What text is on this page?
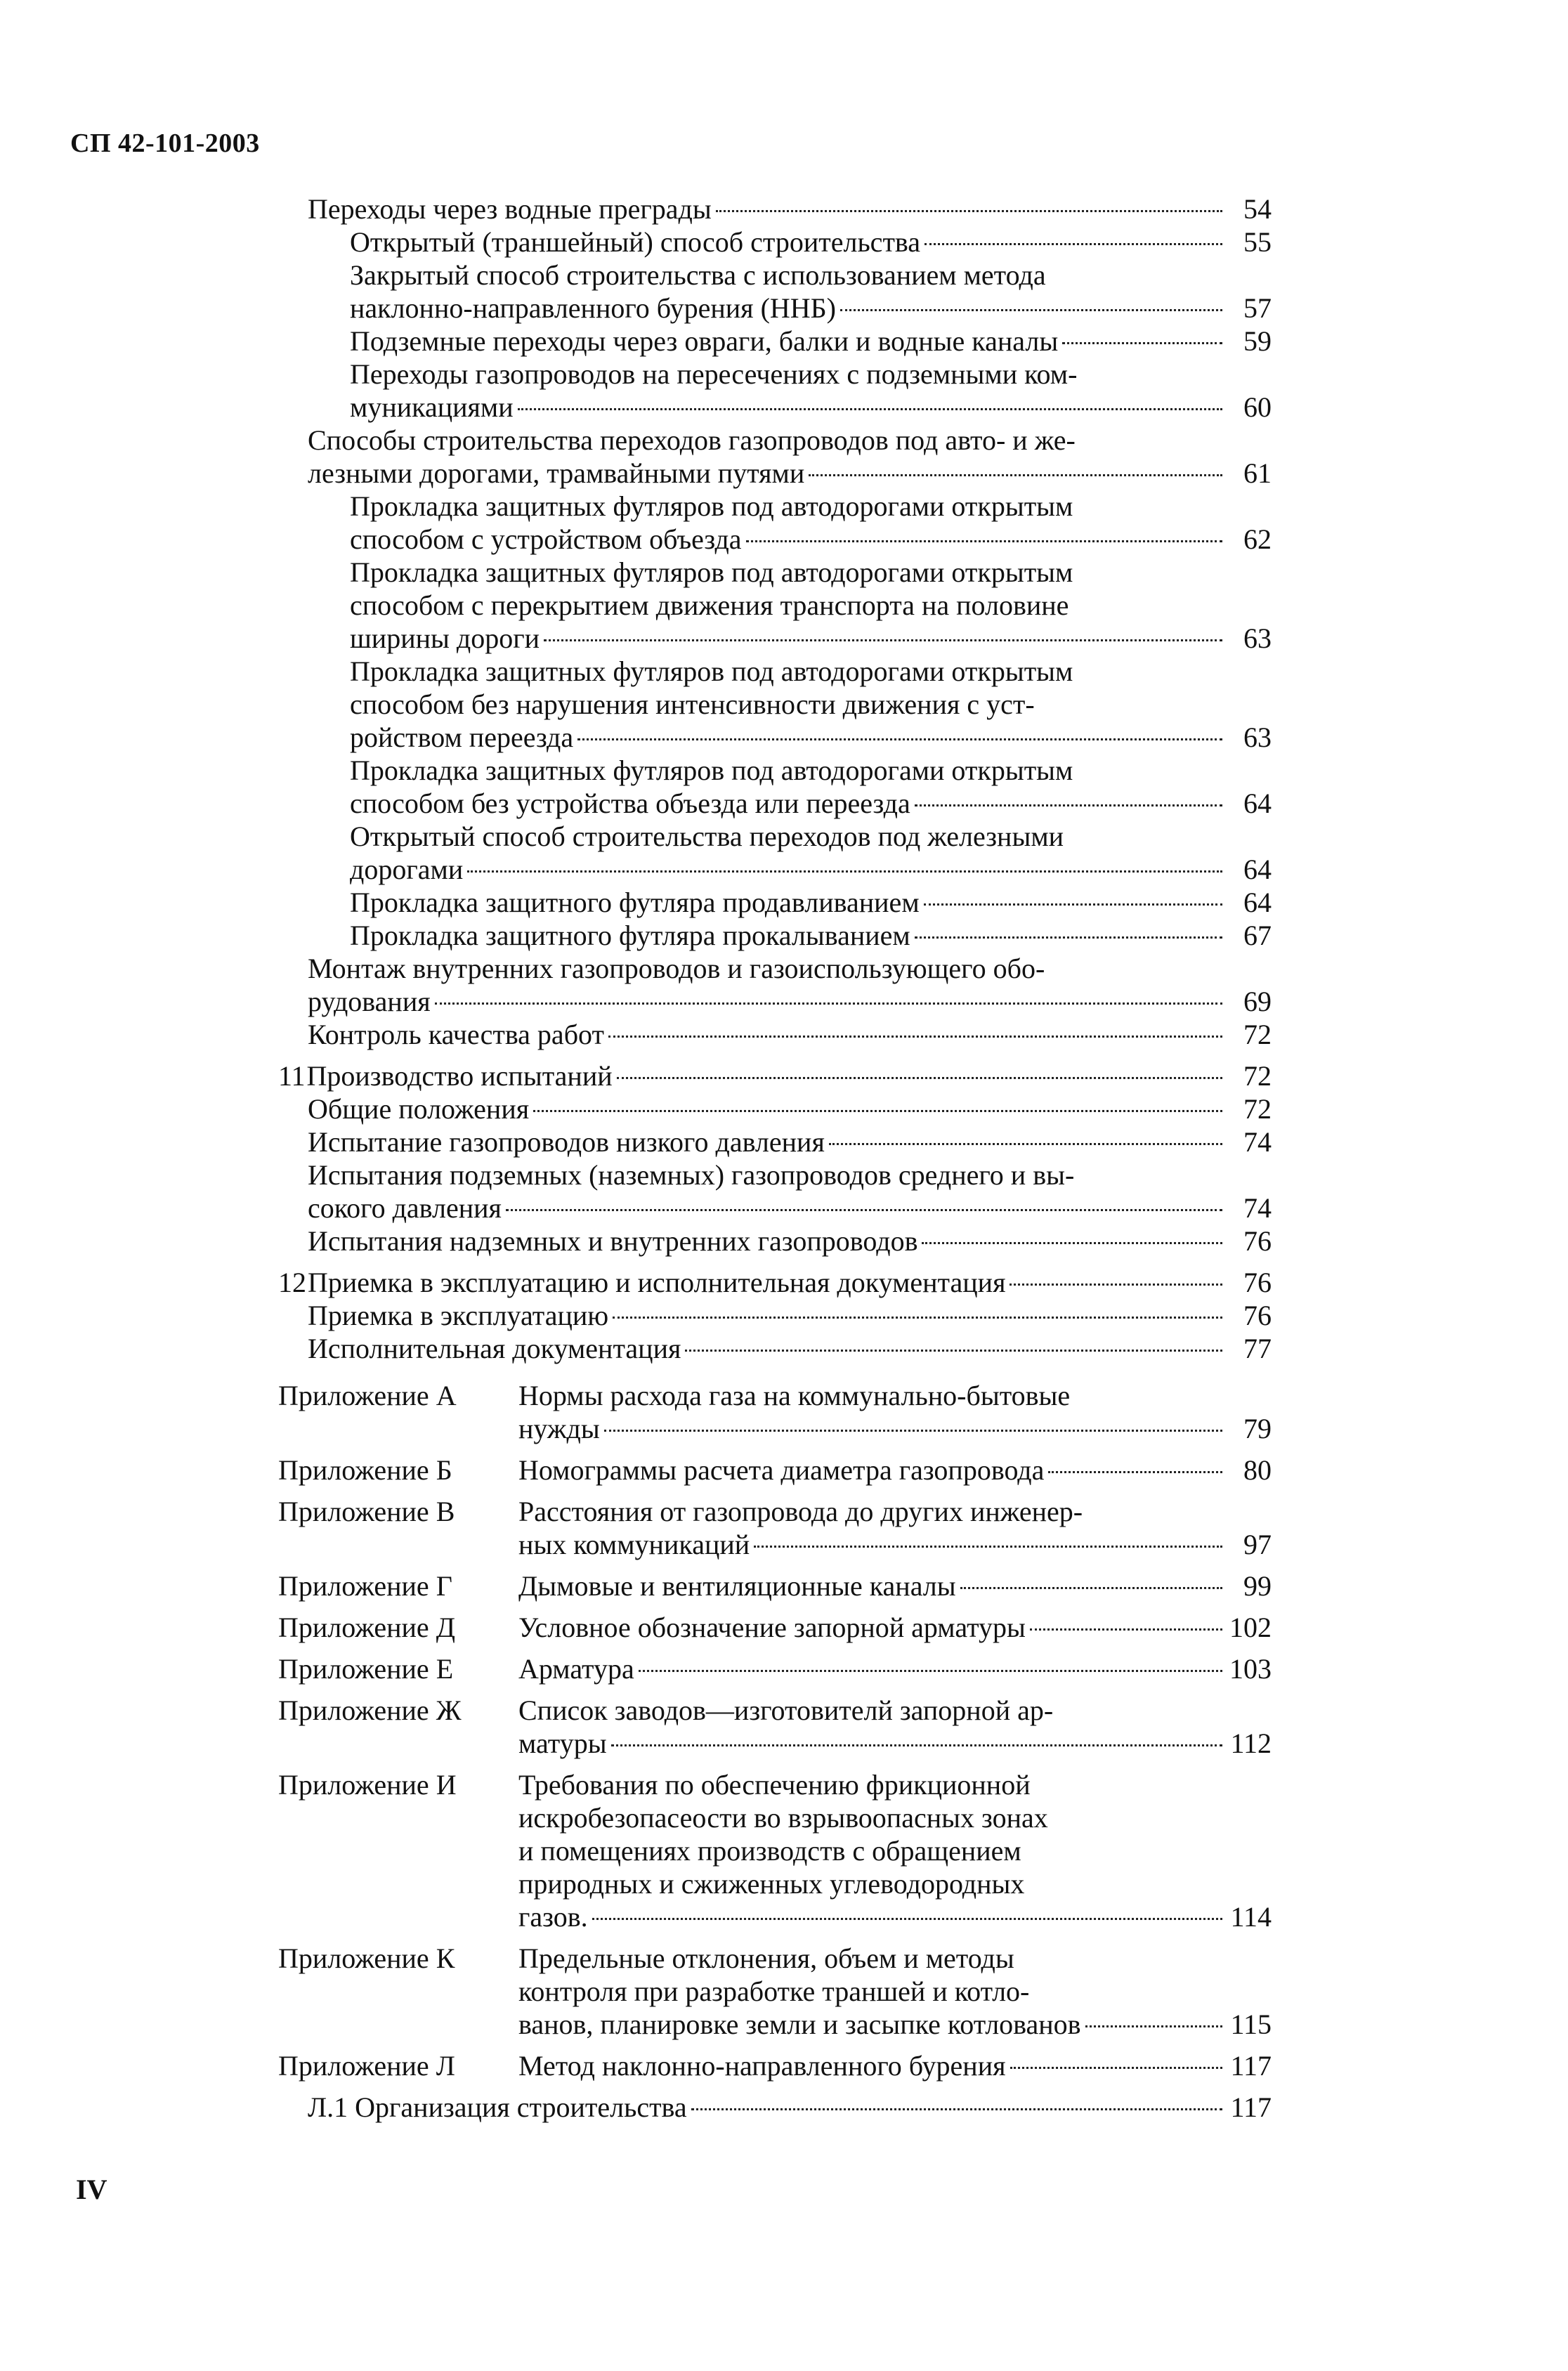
СП 42-101-2003
Переходы через водные преграды	54
Открытый (траншейный) способ строительства	55
Закрытый способ строительства с использованием метода
наклонно-направленного бурения (ННБ)	57
Подземные переходы через овраги, балки и водные каналы	59
Переходы газопроводов на пересечениях с подземными ком-
муникациями	60
Способы строительства переходов газопроводов под авто- и же-
лезными дорогами, трамвайными путями	61
Прокладка защитных футляров под автодорогами открытым
способом с устройством объезда	62
Прокладка защитных футляров под автодорогами открытым
способом с перекрытием движения транспорта на половине
ширины дороги	63
Прокладка защитных футляров под автодорогами открытым
способом без нарушения интенсивности движения с уст-
ройством переезда	63
Прокладка защитных футляров под автодорогами открытым
способом без устройства объезда или переезда	64
Открытый способ строительства переходов под железными
дорогами	64
Прокладка защитного футляра продавливанием	64
Прокладка защитного футляра прокалыванием	67
Монтаж внутренних газопроводов и газоиспользующего обо-
рудования	69
Контроль качества работ	72
11 Производство испытаний	72
Общие положения	72
Испытание газопроводов низкого давления	74
Испытания подземных (наземных) газопроводов среднего и вы-
сокого давления	74
Испытания надземных и внутренних газопроводов	76
12 Приемка в эксплуатацию и исполнительная документация	76
Приемка в эксплуатацию	76
Исполнительная документация	77
Приложение А	Нормы расхода газа на коммунально-бытовые
нужды	79
Приложение Б	Номограммы расчета диаметра газопровода	80
Приложение В	Расстояния от газопровода до других инженер-
ных коммуникаций	97
Приложение Г	Дымовые и вентиляционные каналы	99
Приложение Д	Условное обозначение запорной арматуры	102
Приложение Е	Арматура	103
Приложение Ж	Список заводов—изготовителй запорной ар-
матуры	112
Приложение И	Требования по обеспечению фрикционной
искробезопасеости во взрывоопасных зонах
и помещениях производств с обращением
природных и сжиженных углеводородных
газов.	114
Приложение К	Предельные отклонения, объем и методы
контроля при разработке траншей и котло-
ванов, планировке земли и засыпке котлованов	115
Приложение Л	Метод наклонно-направленного бурения	117
Л.1 Организация строительства	117
IV
